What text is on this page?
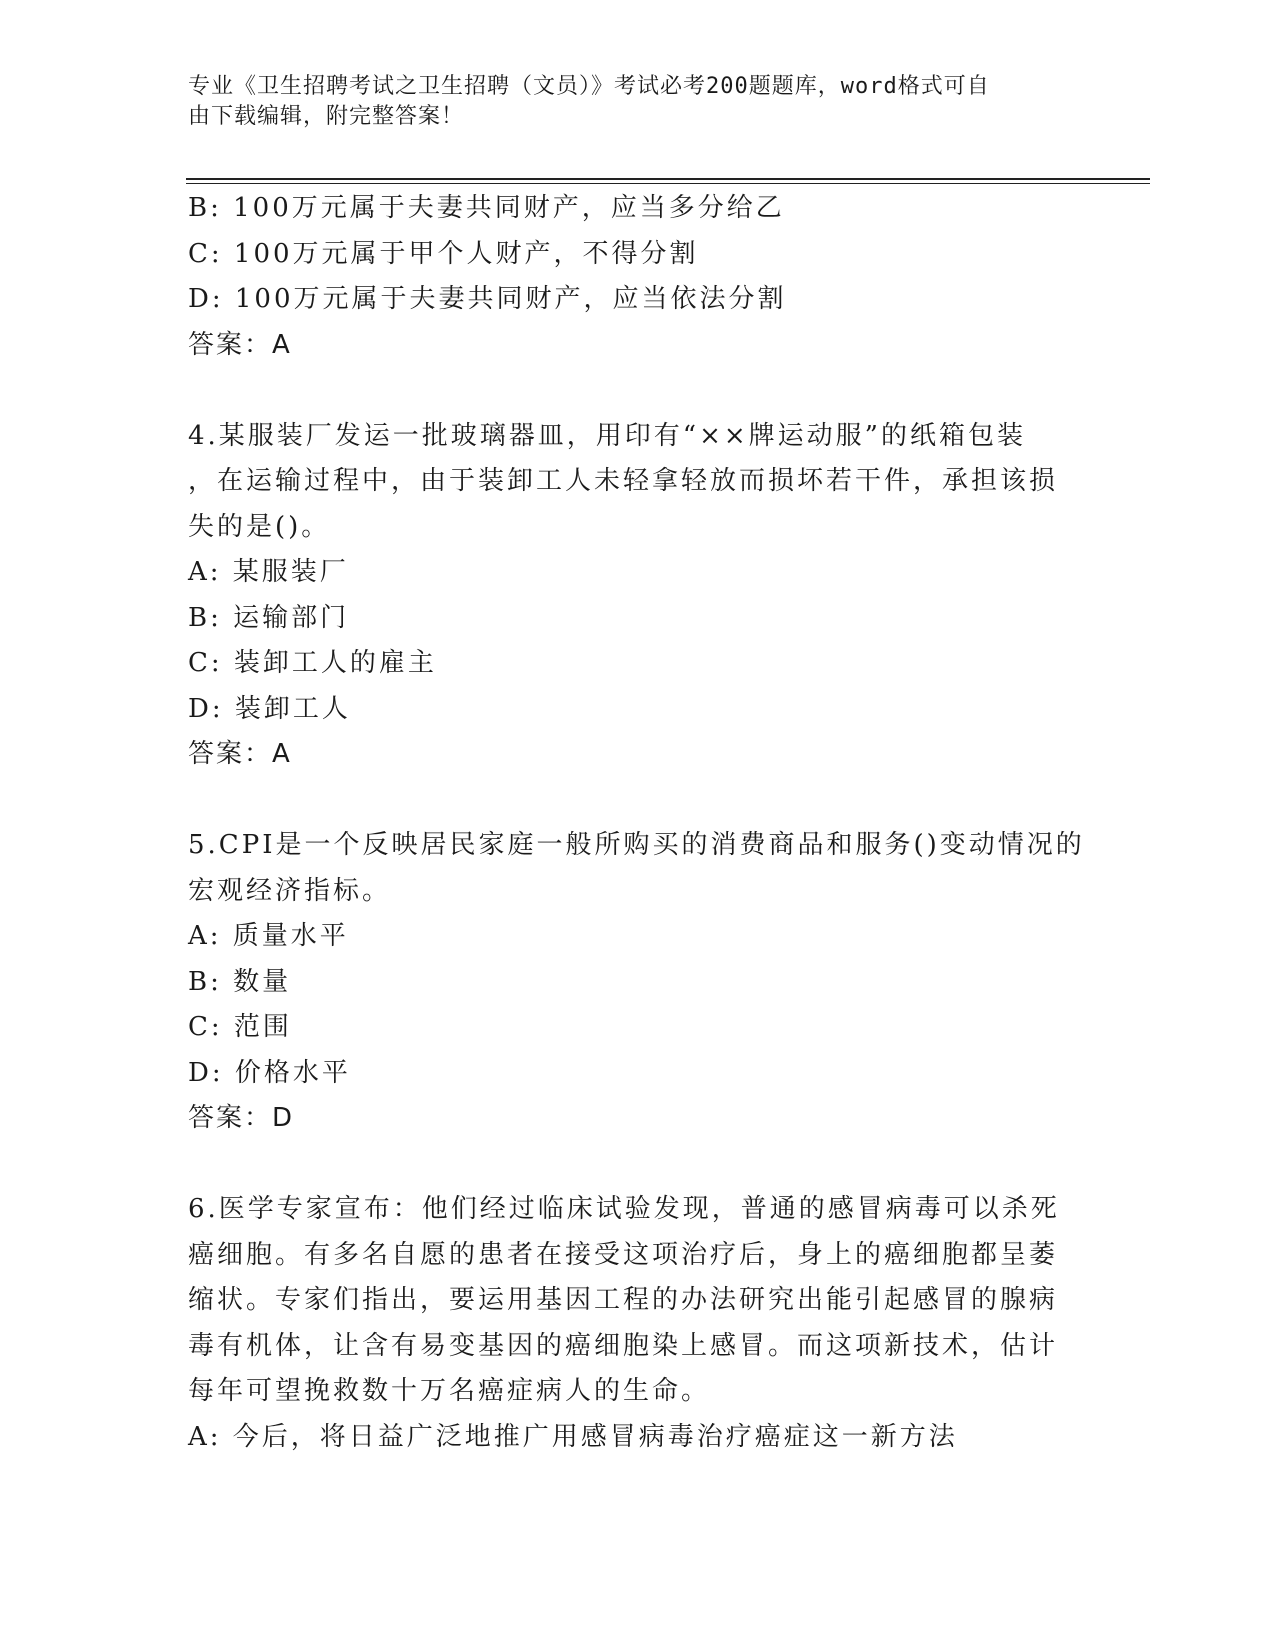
专业《卫生招聘考试之卫生招聘（文员）》考试必考200题题库，word格式可自
由下载编辑，附完整答案！
B: 100万元属于夫妻共同财产，应当多分给乙
C: 100万元属于甲个人财产，不得分割
D: 100万元属于夫妻共同财产，应当依法分割
答案：A
4.某服装厂发运一批玻璃器皿，用印有“××牌运动服”的纸箱包装
，在运输过程中，由于装卸工人未轻拿轻放而损坏若干件，承担该损
失的是()。
A: 某服装厂
B: 运输部门
C: 装卸工人的雇主
D: 装卸工人
答案：A
5.CPI是一个反映居民家庭一般所购买的消费商品和服务()变动情况的
宏观经济指标。
A: 质量水平
B: 数量
C: 范围
D: 价格水平
答案：D
6.医学专家宣布：他们经过临床试验发现，普通的感冒病毒可以杀死
癌细胞。有多名自愿的患者在接受这项治疗后，身上的癌细胞都呈萎
缩状。专家们指出，要运用基因工程的办法研究出能引起感冒的腺病
毒有机体，让含有易变基因的癌细胞染上感冒。而这项新技术，估计
每年可望挽救数十万名癌症病人的生命。
A: 今后，将日益广泛地推广用感冒病毒治疗癌症这一新方法
